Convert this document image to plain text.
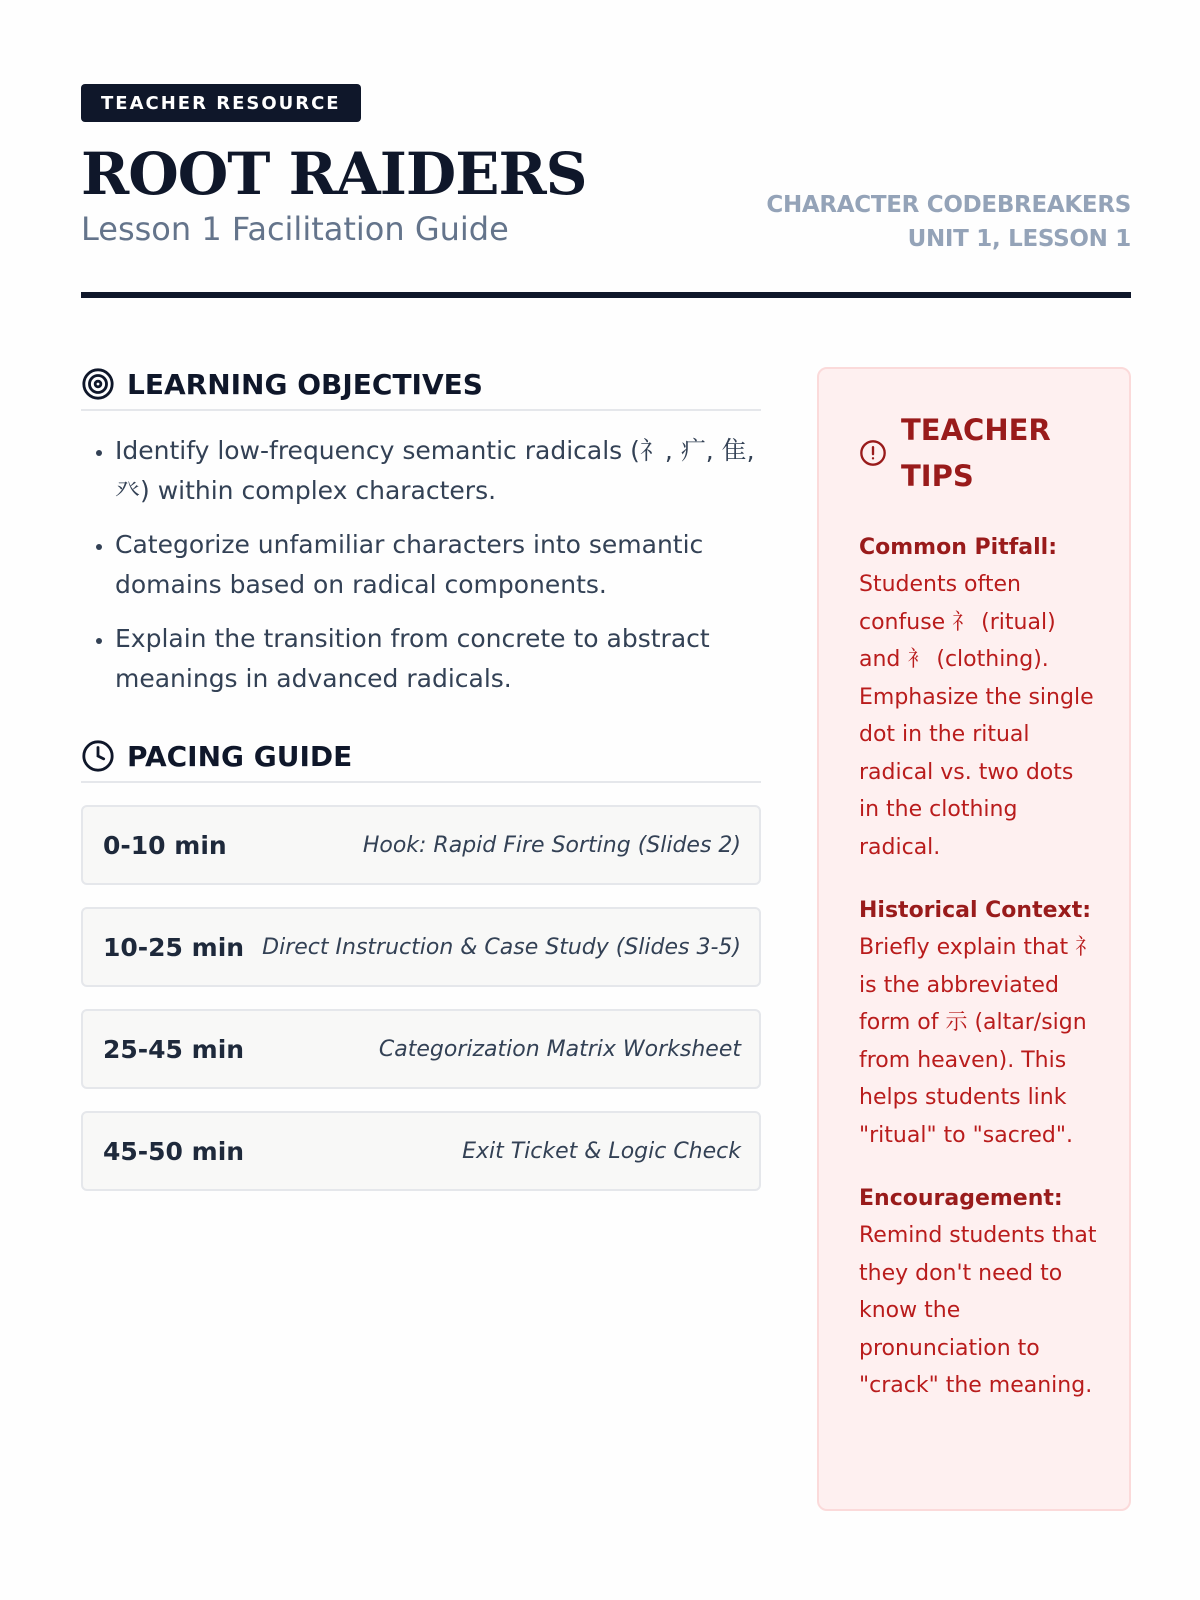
TEACHER RESOURCE
ROOT RAIDERS
Lesson 1 Facilitation Guide
CHARACTER CODEBREAKERS
UNIT 1, LESSON 1
LEARNING OBJECTIVES
• Identify low-frequency semantic radicals (礻, 疒, 隹, 癶) within complex characters.
• Categorize unfamiliar characters into semantic domains based on radical components.
• Explain the transition from concrete to abstract meanings in advanced radicals.
PACING GUIDE
0-10 min	Hook: Rapid Fire Sorting (Slides 2)
10-25 min Direct Instruction & Case Study (Slides 3-5)
25-45 min	Categorization Matrix Worksheet
45-50 min	Exit Ticket & Logic Check
TEACHER TIPS
Common Pitfall:
Students often confuse 礻 (ritual) and 衤 (clothing). Emphasize the single dot in the ritual radical vs. two dots in the clothing radical.
Historical Context:
Briefly explain that 礻 is the abbreviated form of 示 (altar/sign from heaven). This helps students link "ritual" to "sacred".
Encouragement:
Remind students that they don't need to know the pronunciation to "crack" the meaning.
